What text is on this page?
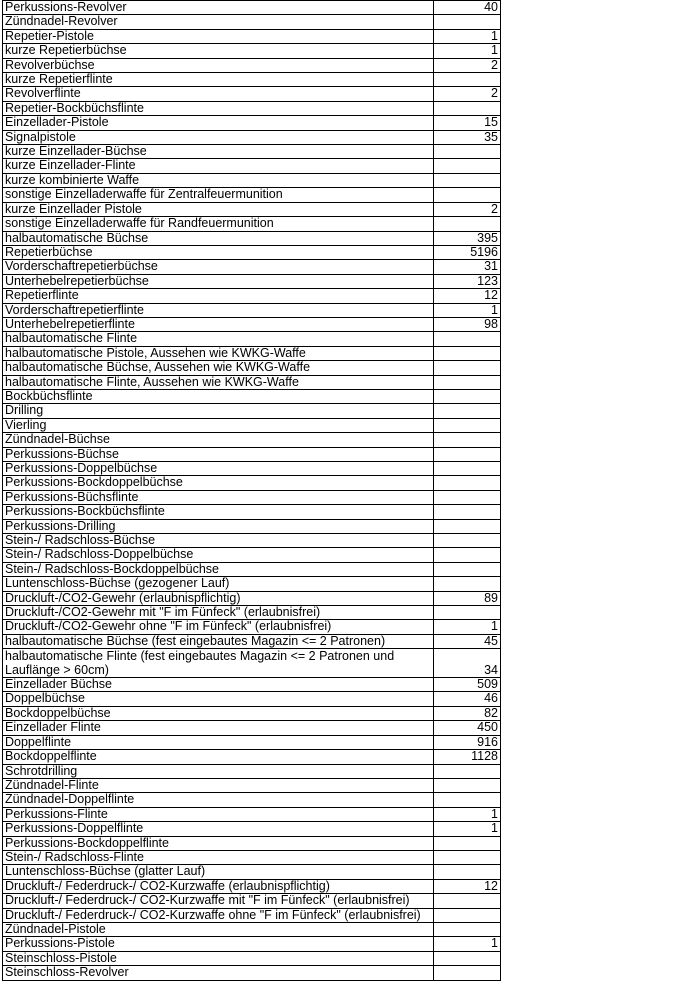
Perkussions-Revolver	40
Zündnadel-Revolver	
Repetier-Pistole	1
kurze Repetierbüchse	1
Revolverbüchse	2
kurze Repetierflinte	
Revolverflinte	2
Repetier-Bockbüchsflinte	
Einzellader-Pistole	15
Signalpistole	35
kurze Einzellader-Büchse	
kurze Einzellader-Flinte	
kurze kombinierte Waffe	
sonstige Einzelladerwaffe für Zentralfeuermunition	
kurze Einzellader Pistole	2
sonstige Einzelladerwaffe für Randfeuermunition	
halbautomatische Büchse	395
Repetierbüchse	5196
Vorderschaftrepetierbüchse	31
Unterhebelrepetierbüchse	123
Repetierflinte	12
Vorderschaftrepetierflinte	1
Unterhebelrepetierflinte	98
halbautomatische Flinte	
halbautomatische Pistole, Aussehen wie KWKG-Waffe	
halbautomatische Büchse, Aussehen wie KWKG-Waffe	
halbautomatische Flinte, Aussehen wie KWKG-Waffe	
Bockbüchsflinte	
Drilling	
Vierling	
Zündnadel-Büchse	
Perkussions-Büchse	
Perkussions-Doppelbüchse	
Perkussions-Bockdoppelbüchse	
Perkussions-Büchsflinte	
Perkussions-Bockbüchsflinte	
Perkussions-Drilling	
Stein-/ Radschloss-Büchse	
Stein-/ Radschloss-Doppelbüchse	
Stein-/ Radschloss-Bockdoppelbüchse	
Luntenschloss-Büchse (gezogener Lauf)	
Druckluft-/CO2-Gewehr (erlaubnispflichtig)	89
Druckluft-/CO2-Gewehr mit "F im Fünfeck" (erlaubnisfrei)	
Druckluft-/CO2-Gewehr ohne "F im Fünfeck" (erlaubnisfrei)	1
halbautomatische Büchse (fest eingebautes Magazin <= 2 Patronen)	45
halbautomatische Flinte (fest eingebautes Magazin <= 2 Patronen und Lauflänge > 60cm)	34
Einzellader Büchse	509
Doppelbüchse	46
Bockdoppelbüchse	82
Einzellader Flinte	450
Doppelflinte	916
Bockdoppelflinte	1128
Schrotdrilling	
Zündnadel-Flinte	
Zündnadel-Doppelflinte	
Perkussions-Flinte	1
Perkussions-Doppelflinte	1
Perkussions-Bockdoppelflinte	
Stein-/ Radschloss-Flinte	
Luntenschloss-Büchse (glatter Lauf)	
Druckluft-/ Federdruck-/ CO2-Kurzwaffe (erlaubnispflichtig)	12
Druckluft-/ Federdruck-/ CO2-Kurzwaffe mit "F im Fünfeck" (erlaubnisfrei)	
Druckluft-/ Federdruck-/ CO2-Kurzwaffe ohne "F im Fünfeck" (erlaubnisfrei)	
Zündnadel-Pistole	
Perkussions-Pistole	1
Steinschloss-Pistole	
Steinschloss-Revolver	
